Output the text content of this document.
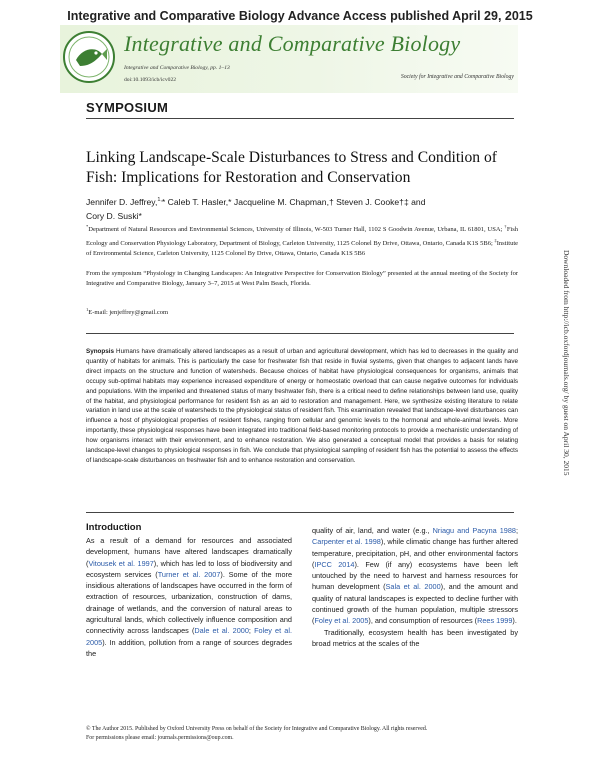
Integrative and Comparative Biology Advance Access published April 29, 2015
Integrative and Comparative Biology
Integrative and Comparative Biology, pp. 1–13
doi:10.1093/icb/icv022	Society for Integrative and Comparative Biology
SYMPOSIUM
Linking Landscape-Scale Disturbances to Stress and Condition of Fish: Implications for Restoration and Conservation
Jennifer D. Jeffrey,$^{1,}$* Caleb T. Hasler,* Jacqueline M. Chapman,† Steven J. Cooke†‡ and
Cory D. Suski*
*Department of Natural Resources and Environmental Sciences, University of Illinois, W-503 Turner Hall, 1102 S Goodwin Avenue, Urbana, IL 61801, USA; †Fish Ecology and Conservation Physiology Laboratory, Department of Biology, Carleton University, 1125 Colonel By Drive, Ottawa, Ontario, Canada K1S 5B6; ‡Institute of Environmental Science, Carleton University, 1125 Colonel By Drive, Ottawa, Ontario, Canada K1S 5B6
From the symposium “Physiology in Changing Landscapes: An Integrative Perspective for Conservation Biology” presented at the annual meeting of the Society for Integrative and Comparative Biology, January 3–7, 2015 at West Palm Beach, Florida.
$^1$E-mail: jenjeffrey@gmail.com
Synopsis Humans have dramatically altered landscapes as a result of urban and agricultural development, which has led to decreases in the quality and quantity of habitats for animals. This is particularly the case for freshwater fish that reside in fluvial systems, given that changes to adjacent lands have direct impacts on the structure and function of watersheds. Because choices of habitat have physiological consequences for organisms, animals that occupy sub-optimal habitats may experience increased expenditure of energy or homeostatic overload that can cause negative outcomes for individuals and populations. With the imperiled and threatened status of many freshwater fish, there is a critical need to define relationships between land use, quality of the habitat, and physiological performance for resident fish as an aid to restoration and management. Here, we synthesize existing literature to relate variation in land use at the scale of watersheds to the physiological status of resident fish. This examination revealed that landscape-level disturbances can influence a host of physiological properties of resident fishes, ranging from cellular and genomic levels to the hormonal and whole-animal levels. More importantly, these physiological responses have been integrated into traditional field-based monitoring protocols to provide a mechanistic understanding of how organisms interact with their environment, and to enhance restoration. We also generated a conceptual model that provides a basis for relating landscape-level changes to physiological responses in fish. We conclude that physiological sampling of resident fish has the potential to assess the effects of landscape-scale disturbances on freshwater fish and to enhance restoration and conservation.
Introduction
As a result of a demand for resources and associated development, humans have altered landscapes dramatically (Vitousek et al. 1997), which has led to loss of biodiversity and ecosystem services (Turner et al. 2007). Some of the more insidious alterations of landscapes have occurred in the form of extraction of resources, urbanization, construction of dams, drainage of wetlands, and the conversion of natural areas to agricultural lands, which collectively influence composition and connectivity across landscapes (Dale et al. 2000; Foley et al. 2005). In addition, pollution from a range of sources degrades the
quality of air, land, and water (e.g., Nriagu and Pacyna 1988; Carpenter et al. 1998), while climatic change has further altered temperature, precipitation, pH, and other environmental factors (IPCC 2014). Few (if any) ecosystems have been left untouched by the need to harvest and harness resources for human development (Sala et al. 2000), and the amount and quality of natural landscapes is expected to decline further with continued growth of the human population, multiple stressors (Foley et al. 2005), and consumption of resources (Rees 1999).
Traditionally, ecosystem health has been investigated by broad metrics at the scales of the
© The Author 2015. Published by Oxford University Press on behalf of the Society for Integrative and Comparative Biology. All rights reserved.
For permissions please email: journals.permissions@oup.com.
Downloaded from http://icb.oxfordjournals.org/ by guest on April 30, 2015
